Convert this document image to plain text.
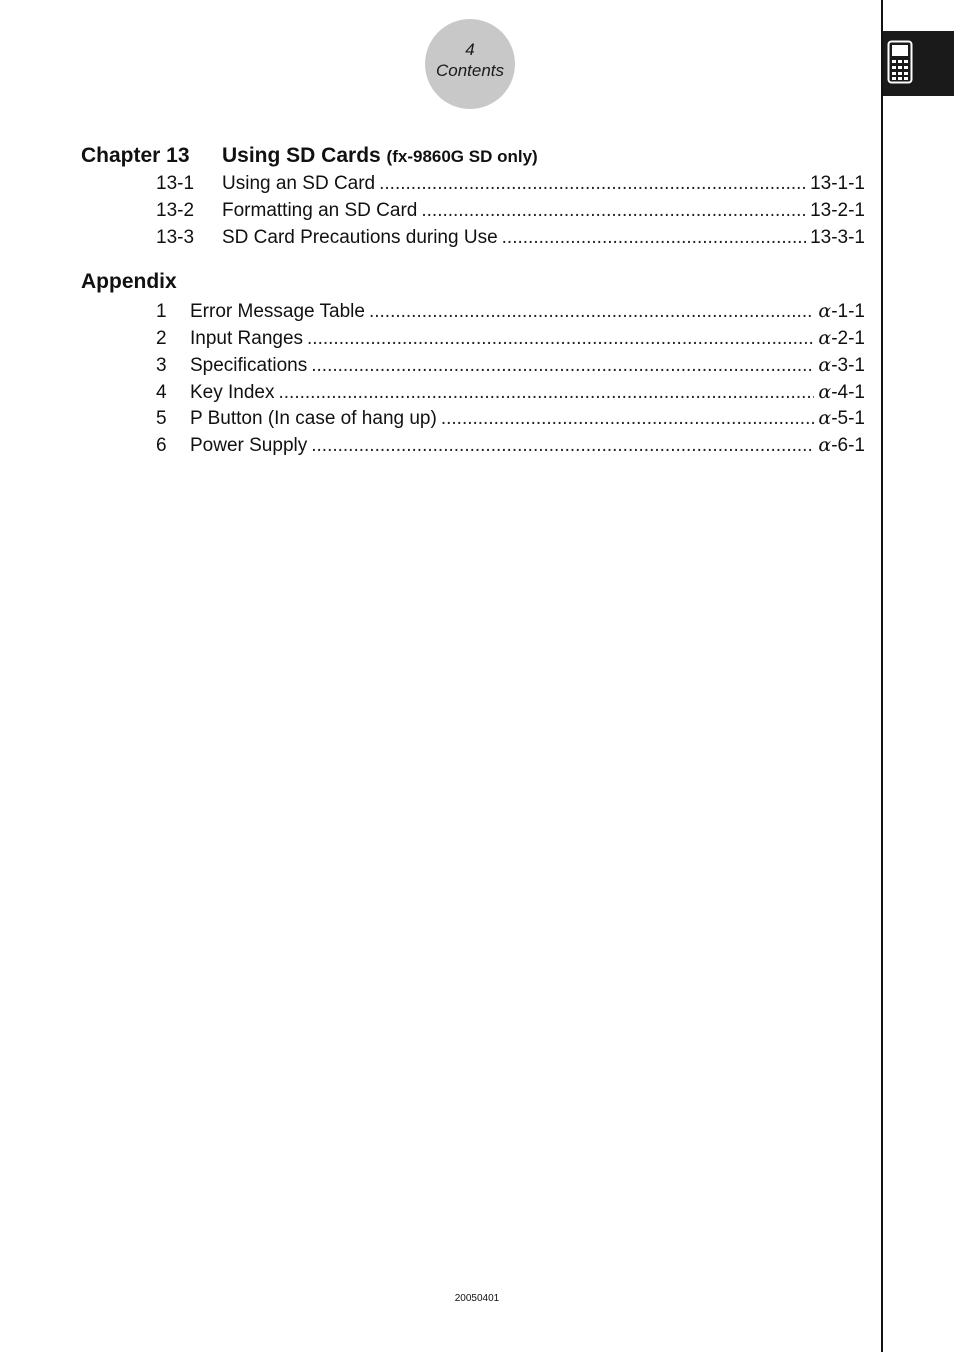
4
Contents
Chapter 13 Using SD Cards (fx-9860G SD only)
13-1	Using an SD Card .....	13-1-1
13-2	Formatting an SD Card .....	13-2-1
13-3	SD Card Precautions during Use .....	13-3-1
Appendix
1	Error Message Table .....	α-1-1
2	Input Ranges .....	α-2-1
3	Specifications .....	α-3-1
4	Key Index .....	α-4-1
5	P Button (In case of hang up) .....	α-5-1
6	Power Supply .....	α-6-1
20050401
